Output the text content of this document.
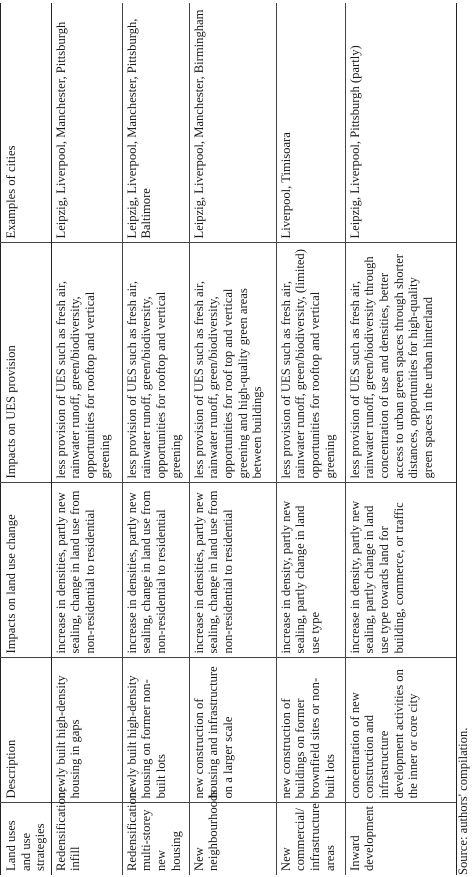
Land uses and use strategies	Description	Impacts on land use change	Impacts on UES provision	Examples of cities
Redensification; infill	newly built high-density housing in gaps	increase in densities, partly new sealing, change in land use from non-residential to residential	less provision of UES such as fresh air, rainwater runoff, green/biodiversity, opportunities for rooftop and vertical greening	Leipzig, Liverpool, Manchester, Pittsburgh
Redensification: multi-storey new housing	newly built high-density housing on former non-built lots	increase in densities, partly new sealing, change in land use from non-residential to residential	less provision of UES such as fresh air, rainwater runoff, green/biodiversity, opportunities for rooftop and vertical greening	Leipzig, Liverpool, Manchester, Pittsburgh, Baltimore
New neighbourhoods	new construction of housing and infrastructure on a larger scale	increase in densities, partly new sealing, change in land use from non-residential to residential	less provision of UES such as fresh air, rainwater runoff, green/biodiversity, opportunities for roof top and vertical greening and high-quality green areas between buildings	Leipzig, Liverpool, Manchester, Birmingham
New commercial/ infrastructure areas	new construction of buildings on former brownfield sites or non-built lots	increase in density, partly new sealing, partly change in land use type	less provision of UES such as fresh air, rainwater runoff, green/biodiversity, (limited) opportunities for rooftop and vertical greening	Liverpool, Timisoara
Inward development	concentration of new construction and infrastructure development activities on the inner or core city	increase in density, partly new sealing, partly change in land use type towards land for building, commerce, or traffic	less provision of UES such as fresh air, rainwater runoff, green/biodiversity through concentration of use and densities, better access to urban green spaces through shorter distances, opportunities for high-quality green spaces in the urban hinterland	Leipzig, Liverpool, Pittsburgh (partly)
Source: authors' compilation.
